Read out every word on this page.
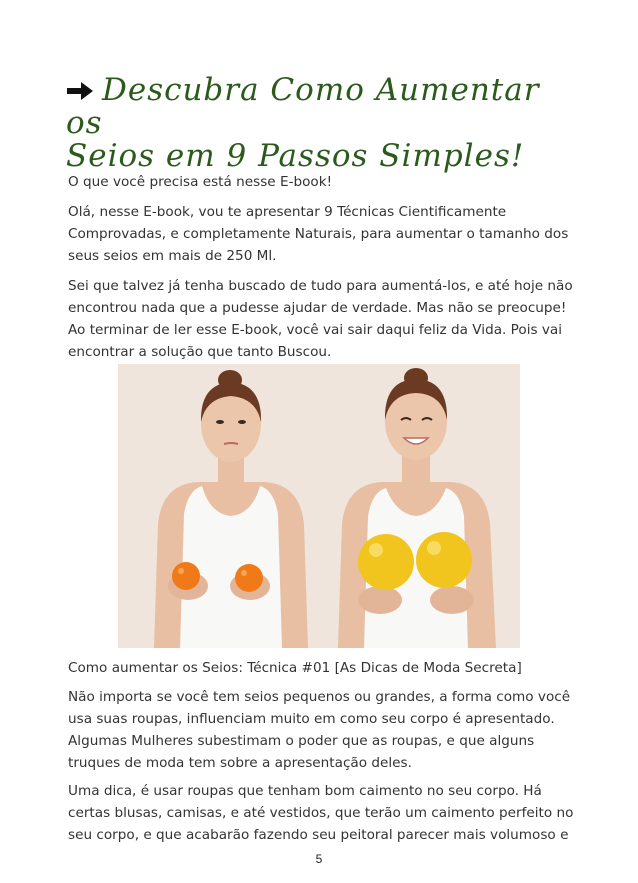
Descubra Como Aumentar os
Seios em 9 Passos Simples!

O que você precisa está nesse E-book!

Olá, nesse E-book, vou te apresentar 9 Técnicas Cientificamente Comprovadas, e completamente Naturais, para aumentar o tamanho dos seus seios em mais de 250 Ml.

Sei que talvez já tenha buscado de tudo para aumentá-los, e até hoje não encontrou nada que a pudesse ajudar de verdade. Mas não se preocupe! Ao terminar de ler esse E-book, você vai sair daqui feliz da Vida. Pois vai encontrar a solução que tanto Buscou.

Como aumentar os Seios: Técnica #01 [As Dicas de Moda Secreta]

Não importa se você tem seios pequenos ou grandes, a forma como você usa suas roupas, influenciam muito em como seu corpo é apresentado. Algumas Mulheres subestimam o poder que as roupas, e que alguns truques de moda tem sobre a apresentação deles.

Uma dica, é usar roupas que tenham bom caimento no seu corpo. Há certas blusas, camisas, e até vestidos, que terão um caimento perfeito no seu corpo, e que acabarão fazendo seu peitoral parecer mais volumoso e

5
